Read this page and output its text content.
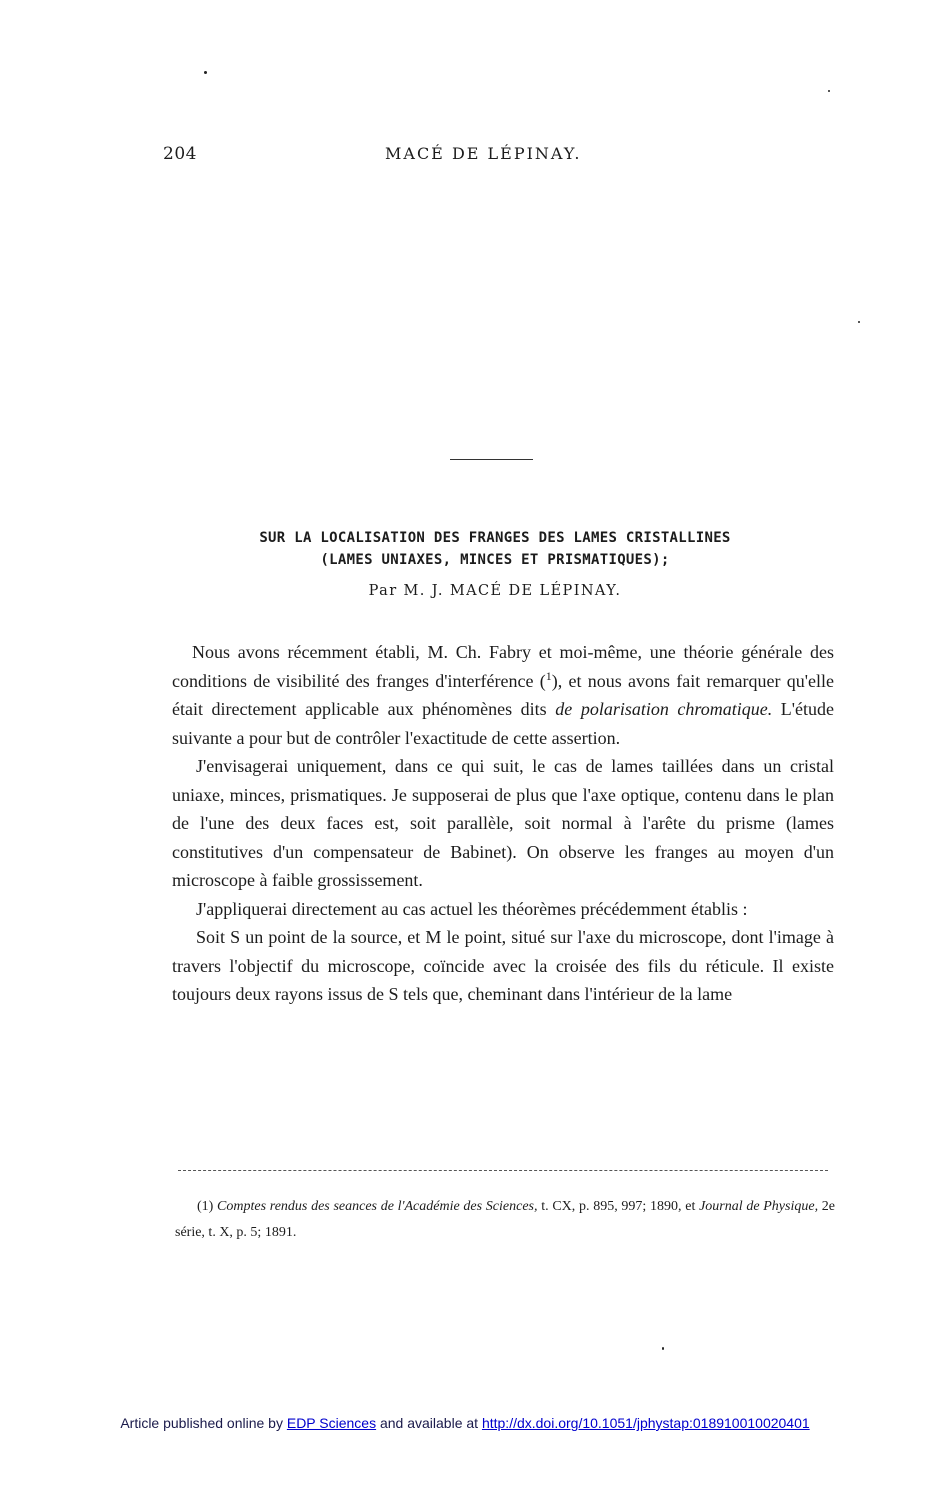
204	MACÉ DE LÉPINAY.
SUR LA LOCALISATION DES FRANGES DES LAMES CRISTALLINES
(LAMES UNIAXES, MINCES ET PRISMATIQUES);
Par M. J. MACÉ DE LÉPINAY.

Nous avons récemment établi, M. Ch. Fabry et moi-même, une théorie générale des conditions de visibilité des franges d'interférence ($^1$), et nous avons fait remarquer qu'elle était directement applicable aux phénomènes dits de polarisation chromatique. L'étude suivante a pour but de contrôler l'exactitude de cette assertion.

J'envisagerai uniquement, dans ce qui suit, le cas de lames taillées dans un cristal uniaxe, minces, prismatiques. Je supposerai de plus que l'axe optique, contenu dans le plan de l'une des deux faces est, soit parallèle, soit normal à l'arête du prisme (lames constitutives d'un compensateur de Babinet). On observe les franges au moyen d'un microscope à faible grossissement.

J'appliquerai directement au cas actuel les théorèmes précédemment établis :

Soit S un point de la source, et M le point, situé sur l'axe du microscope, dont l'image à travers l'objectif du microscope, coïncide avec la croisée des fils du réticule. Il existe toujours deux rayons issus de S tels que, cheminant dans l'intérieur de la lame

(1) Comptes rendus des seances de l'Académie des Sciences, t. CX, p. 895, 997; 1890, et Journal de Physique, 2e série, t. X, p. 5; 1891.

Article published online by EDP Sciences and available at http://dx.doi.org/10.1051/jphystap:018910010020401
